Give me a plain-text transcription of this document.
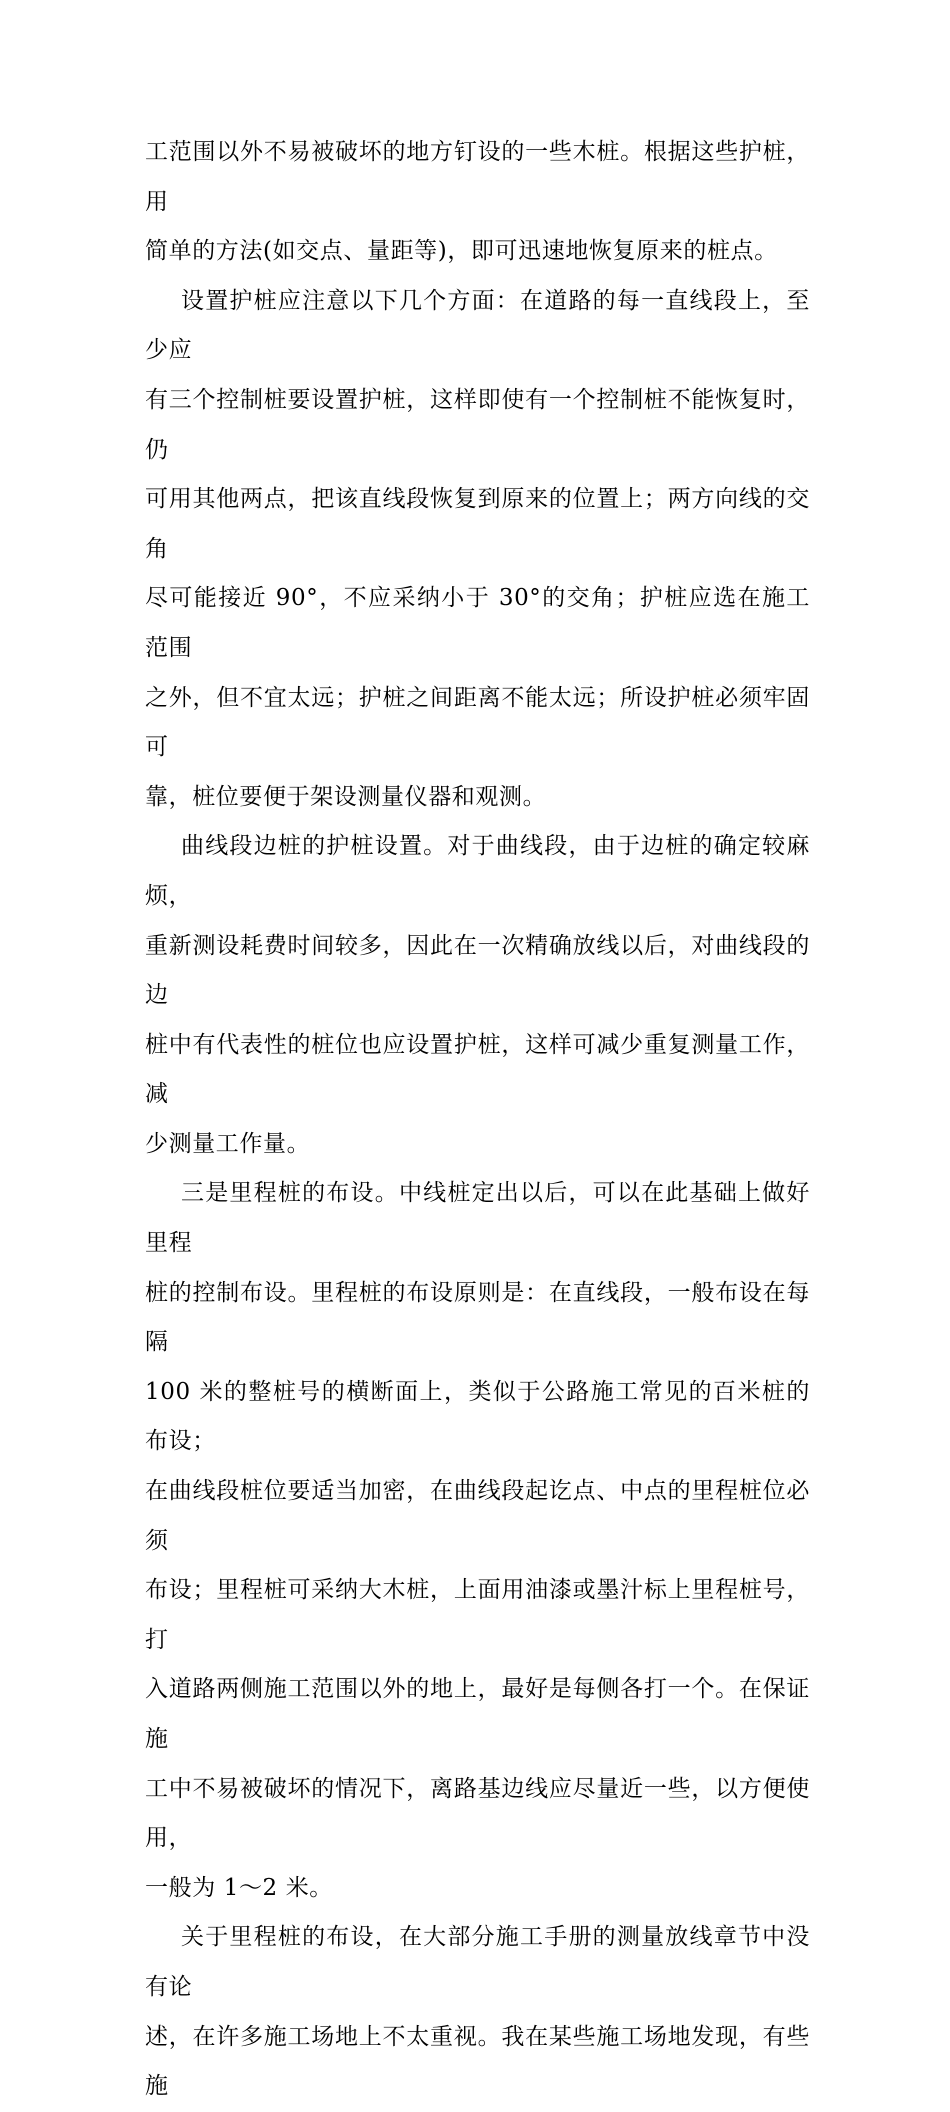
工范围以外不易被破坏的地方钉设的一些木桩。根据这些护桩，用
简单的方法(如交点、量距等)，即可迅速地恢复原来的桩点。

设置护桩应注意以下几个方面：在道路的每一直线段上，至少应
有三个控制桩要设置护桩，这样即使有一个控制桩不能恢复时，仍
可用其他两点，把该直线段恢复到原来的位置上；两方向线的交角
尽可能接近 90°，不应采纳小于 30°的交角；护桩应选在施工范围
之外，但不宜太远；护桩之间距离不能太远；所设护桩必须牢固可
靠，桩位要便于架设测量仪器和观测。

曲线段边桩的护桩设置。对于曲线段，由于边桩的确定较麻烦，
重新测设耗费时间较多，因此在一次精确放线以后，对曲线段的边
桩中有代表性的桩位也应设置护桩，这样可减少重复测量工作，减
少测量工作量。

三是里程桩的布设。中线桩定出以后，可以在此基础上做好里程
桩的控制布设。里程桩的布设原则是：在直线段，一般布设在每隔
100 米的整桩号的横断面上，类似于公路施工常见的百米桩的布设；
在曲线段桩位要适当加密，在曲线段起讫点、中点的里程桩位必须
布设；里程桩可采纳大木桩，上面用油漆或墨汁标上里程桩号，打
入道路两侧施工范围以外的地上，最好是每侧各打一个。在保证施
工中不易被破坏的情况下，离路基边线应尽量近一些，以方便使用，
一般为 1～2 米。

关于里程桩的布设，在大部分施工手册的测量放线章节中没有论
述，在许多施工场地上不太重视。我在某些施工场地发现，有些施
